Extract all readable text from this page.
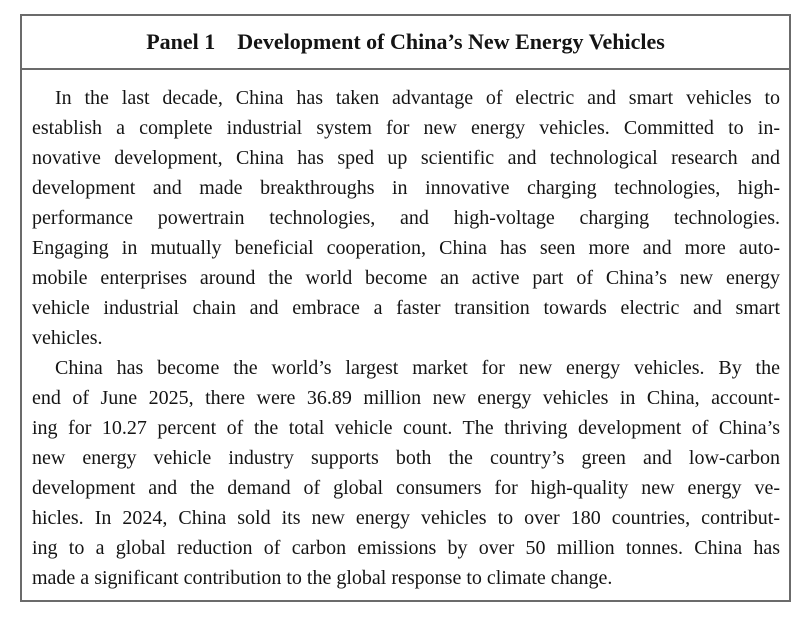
Panel 1 Development of China’s New Energy Vehicles
In the last decade, China has taken advantage of electric and smart vehicles to
establish a complete industrial system for new energy vehicles. Committed to in-
novative development, China has sped up scientific and technological research and
development and made breakthroughs in innovative charging technologies, high-
performance powertrain technologies, and high-voltage charging technologies.
Engaging in mutually beneficial cooperation, China has seen more and more auto-
mobile enterprises around the world become an active part of China’s new energy
vehicle industrial chain and embrace a faster transition towards electric and smart
vehicles.
China has become the world’s largest market for new energy vehicles. By the
end of June 2025, there were 36.89 million new energy vehicles in China, account-
ing for 10.27 percent of the total vehicle count. The thriving development of China’s
new energy vehicle industry supports both the country’s green and low-carbon
development and the demand of global consumers for high-quality new energy ve-
hicles. In 2024, China sold its new energy vehicles to over 180 countries, contribut-
ing to a global reduction of carbon emissions by over 50 million tonnes. China has
made a significant contribution to the global response to climate change.
